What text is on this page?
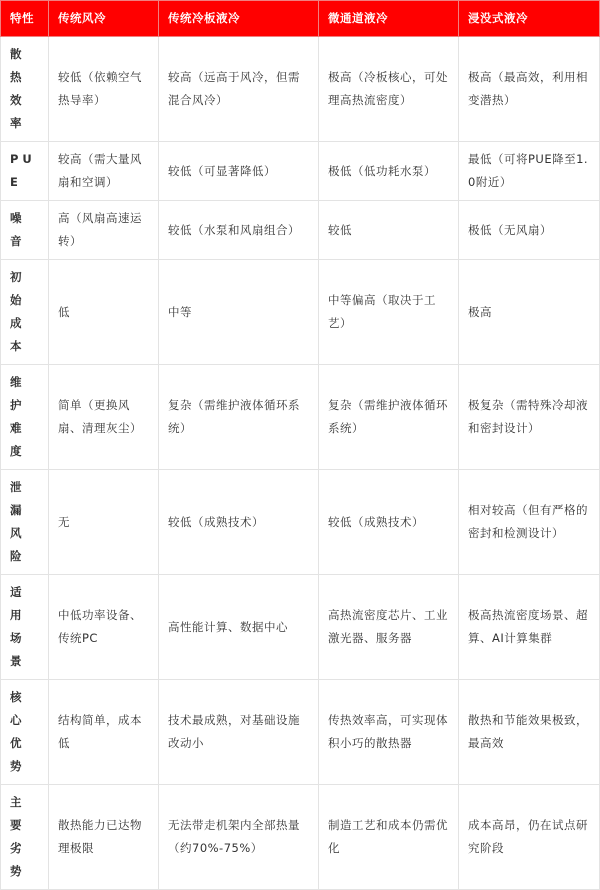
特性	传统风冷	传统冷板液冷	微通道液冷	浸没式液冷
散热效率	较低（依赖空气热导率）	较高（远高于风冷，但需混合风冷）	极高（冷板核心，可处理高热流密度）	极高（最高效，利用相变潜热）
PUE	较高（需大量风扇和空调）	较低（可显著降低）	极低（低功耗水泵）	最低（可将PUE降至1.0附近）
噪音	高（风扇高速运转）	较低（水泵和风扇组合）	较低	极低（无风扇）
初始成本	低	中等	中等偏高（取决于工艺）	极高
维护难度	简单（更换风扇、清理灰尘）	复杂（需维护液体循环系统）	复杂（需维护液体循环系统）	极复杂（需特殊冷却液和密封设计）
泄漏风险	无	较低（成熟技术）	较低（成熟技术）	相对较高（但有严格的密封和检测设计）
适用场景	中低功率设备、传统PC	高性能计算、数据中心	高热流密度芯片、工业激光器、服务器	极高热流密度场景、超算、AI计算集群
核心优势	结构简单，成本低	技术最成熟，对基础设施改动小	传热效率高，可实现体积小巧的散热器	散热和节能效果极致，最高效
主要劣势	散热能力已达物理极限	无法带走机架内全部热量（约70%-75%）	制造工艺和成本仍需优化	成本高昂，仍在试点研究阶段
